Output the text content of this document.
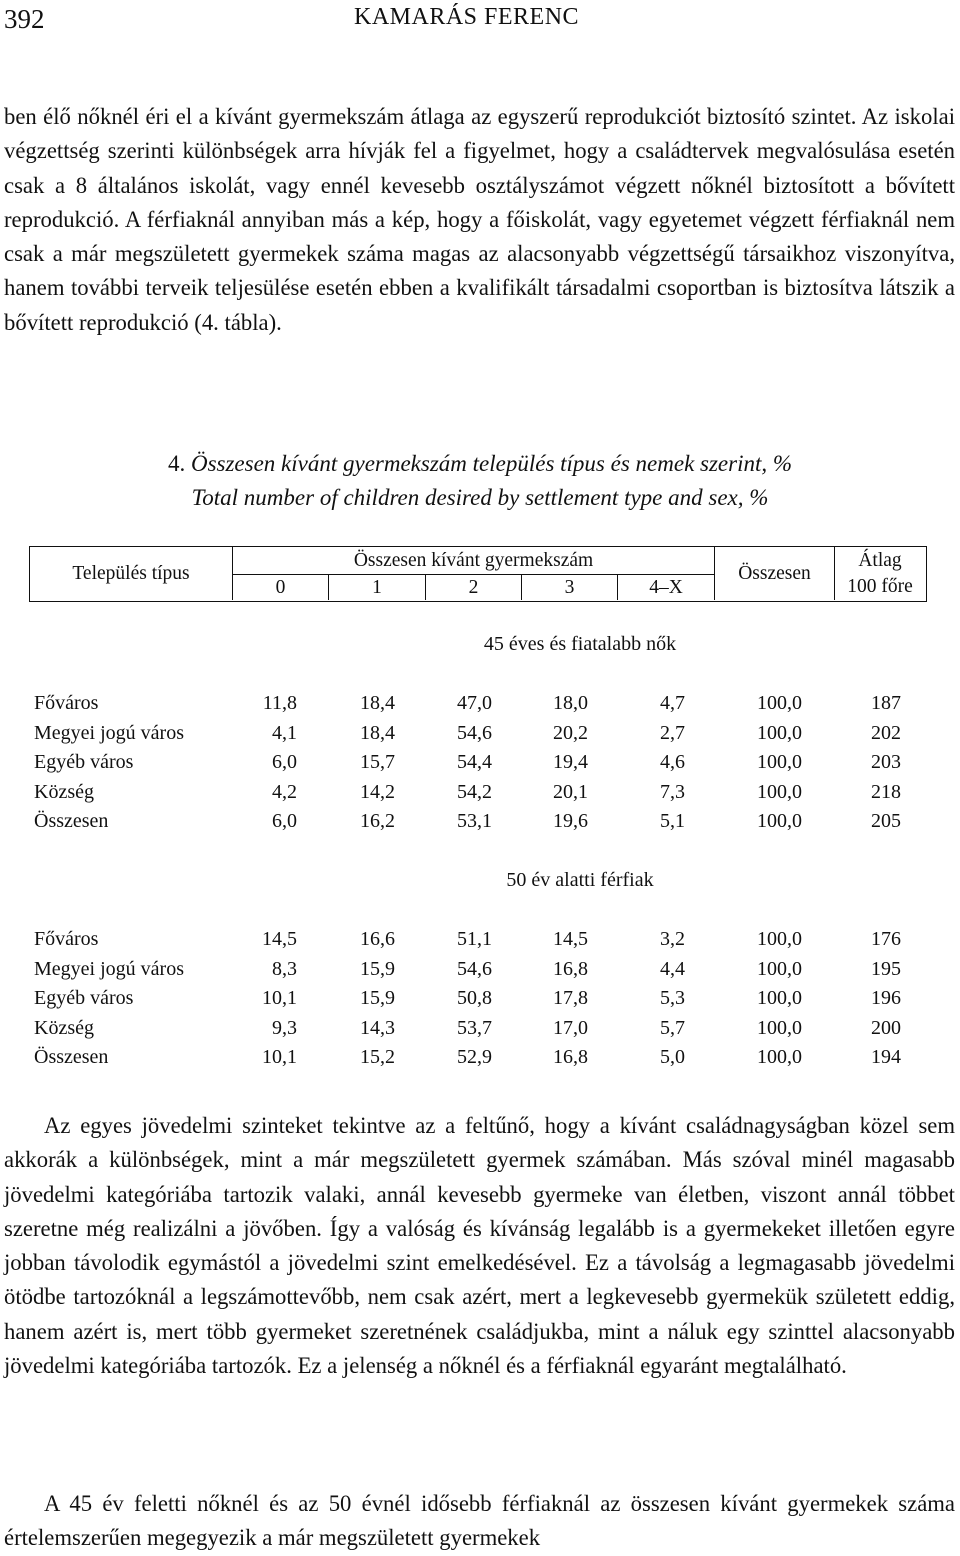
392	KAMARÁS FERENC

ben élő nőknél éri el a kívánt gyermekszám átlaga az egyszerű reprodukciót biztosító szintet. Az iskolai végzettség szerinti különbségek arra hívják fel a figyelmet, hogy a családtervek megvalósulása esetén csak a 8 általános iskolát, vagy ennél kevesebb osztályszámot végzett nőknél biztosított a bővített reprodukció. A férfiaknál annyiban más a kép, hogy a főiskolát, vagy egyetemet végzett férfiaknál nem csak a már megszületett gyermekek száma magas az alacsonyabb végzettségű társaikhoz viszonyítva, hanem további terveik teljesülése esetén ebben a kvalifikált társadalmi csoportban is biztosítva látszik a bővített reprodukció (4. tábla).

4. Összesen kívánt gyermekszám település típus és nemek szerint, %
Total number of children desired by settlement type and sex, %
Település típus
Összesen kívánt gyermekszám
0	1	2	3	4–X
Összesen
Átlag
100 főre
45 éves és fiatalabb nők
Főváros	11,8	18,4	47,0	18,0	4,7	100,0	187
Megyei jogú város	4,1	18,4	54,6	20,2	2,7	100,0	202
Egyéb város	6,0	15,7	54,4	19,4	4,6	100,0	203
Község	4,2	14,2	54,2	20,1	7,3	100,0	218
Összesen	6,0	16,2	53,1	19,6	5,1	100,0	205
50 év alatti férfiak
Főváros	14,5	16,6	51,1	14,5	3,2	100,0	176
Megyei jogú város	8,3	15,9	54,6	16,8	4,4	100,0	195
Egyéb város	10,1	15,9	50,8	17,8	5,3	100,0	196
Község	9,3	14,3	53,7	17,0	5,7	100,0	200
Összesen	10,1	15,2	52,9	16,8	5,0	100,0	194

Az egyes jövedelmi szinteket tekintve az a feltűnő, hogy a kívánt családnagyságban közel sem akkorák a különbségek, mint a már megszületett gyermek számában. Más szóval minél magasabb jövedelmi kategóriába tartozik valaki, annál kevesebb gyermeke van életben, viszont annál többet szeretne még realizálni a jövőben. Így a valóság és kívánság legalább is a gyermekeket illetően egyre jobban távolodik egymástól a jövedelmi szint emelkedésével. Ez a távolság a legmagasabb jövedelmi ötödbe tartozóknál a legszámottevőbb, nem csak azért, mert a legkevesebb gyermekük született eddig, hanem azért is, mert több gyermeket szeretnének családjukba, mint a náluk egy szinttel alacsonyabb jövedelmi kategóriába tartozók. Ez a jelenség a nőknél és a férfiaknál egyaránt megtalálható.

A 45 év feletti nőknél és az 50 évnél idősebb férfiaknál az összesen kívánt gyermekek száma értelemszerűen megegyezik a már megszületett gyermekek
